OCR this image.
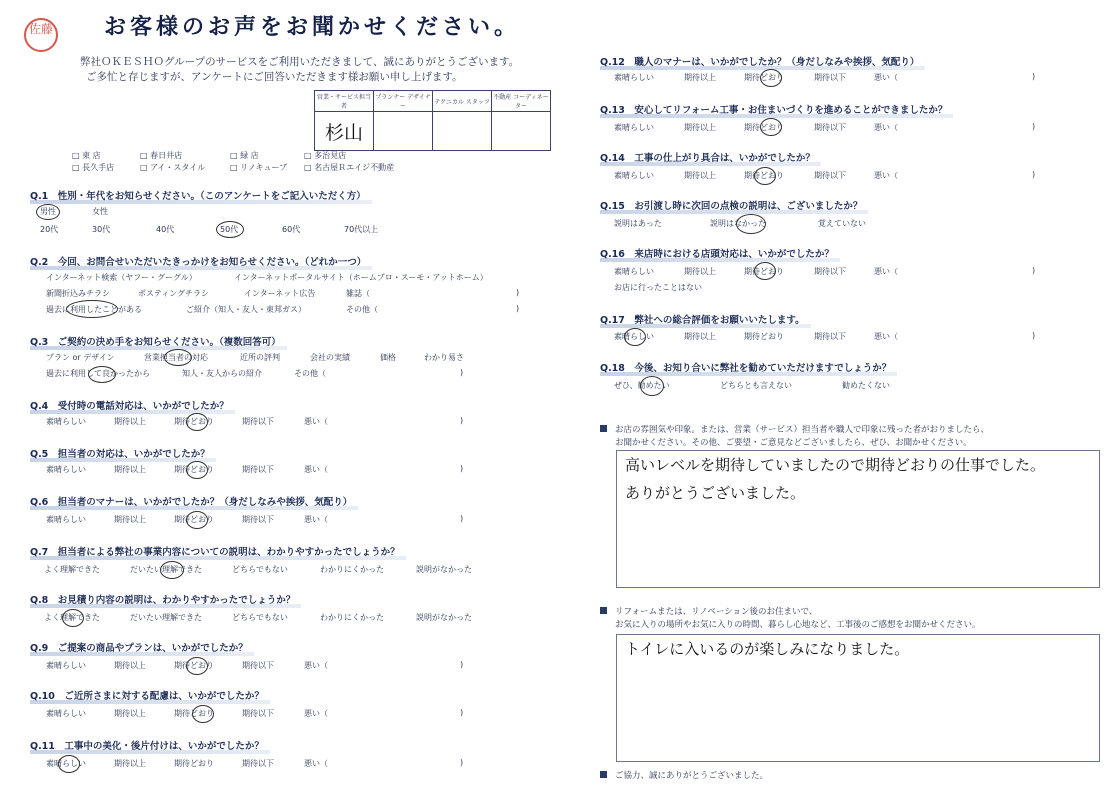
佐藤 お客様のお声をお聞かせください。
弊社ＯＫＥＳＨＯグループのサービスをご利用いただきまして、誠にありがとうございます。
ご多忙と存じますが、アンケートにご回答いただきます様お願い申し上げます。
営業・サービス担当者	プランナー デザイナー	テクニカル スタッフ	不動産 コーディネーター
杉山			
□ 東 店	□ 春日井店	□ 緑 店	□ 多治見店
□ 長久手店	□ アイ・スタイル	□ リノキューブ □ 名古屋Ｒエイジ不動産
Q.1　性別・年代をお知らせください。（このアンケートをご記入いただく方）
男性	女性
20代	30代	40代	50代	60代	70代以上
Q.2　今回、お問合せいただいたきっかけをお知らせください。（どれか一つ）
インターネット検索（ヤフー・グーグル）	インターネットポータルサイト（ホームプロ・スーモ・アットホーム）
新聞折込みチラシ	ポスティングチラシ	インターネット広告	雑誌（	)
過去に利用したことがある	ご紹介（知人・友人・東邦ガス）	その他（	)
Q.3　ご契約の決め手をお知らせください。（複数回答可）
プラン or デザイン	営業担当者の対応	近所の評判	会社の実績	価格	わかり易さ
過去に利用して良かったから	知人・友人からの紹介	その他（	)
Q.4　受付時の電話対応は、いかがでしたか？
素晴らしい	期待以上	期待どおり	期待以下	悪い（	)
Q.5　担当者の対応は、いかがでしたか？
素晴らしい	期待以上	期待どおり	期待以下	悪い（	)
Q.6　担当者のマナーは、いかがでしたか？（身だしなみや挨拶、気配り）
素晴らしい	期待以上	期待どおり	期待以下	悪い（	)
Q.7　担当者による弊社の事業内容についての説明は、わかりやすかったでしょうか？
よく理解できた	だいたい理解できた	どちらでもない	わかりにくかった	説明がなかった
Q.8　お見積り内容の説明は、わかりやすかったでしょうか？
よく理解できた	だいたい理解できた	どちらでもない	わかりにくかった	説明がなかった
Q.9　ご提案の商品やプランは、いかがでしたか？
素晴らしい	期待以上	期待どおり	期待以下	悪い（	)
Q.10　ご近所さまに対する配慮は、いかがでしたか？
素晴らしい	期待以上	期待どおり	期待以下	悪い（	)
Q.11　工事中の美化・後片付けは、いかがでしたか？
素晴らしい	期待以上	期待どおり	期待以下	悪い（	)
Q.12　職人のマナーは、いかがでしたか？（身だしなみや挨拶、気配り）
素晴らしい	期待以上	期待どおり	期待以下	悪い（	)
Q.13　安心してリフォーム工事・お住まいづくりを進めることができましたか？
素晴らしい	期待以上	期待どおり	期待以下	悪い（	)
Q.14　工事の仕上がり具合は、いかがでしたか？
素晴らしい	期待以上	期待どおり	期待以下	悪い（	)
Q.15　お引渡し時に次回の点検の説明は、ございましたか？
説明はあった	説明はなかった	覚えていない
Q.16　来店時における店頭対応は、いかがでしたか？
素晴らしい	期待以上	期待どおり	期待以下	悪い（	)
お店に行ったことはない
Q.17　弊社への総合評価をお願いいたします。
素晴らしい	期待以上	期待どおり	期待以下	悪い（	)
Q.18　今後、お知り合いに弊社を勧めていただけますでしょうか？
ぜひ、勧めたい	どちらとも言えない	勧めたくない
お店の雰囲気や印象。または、営業（サービス）担当者や職人で印象に残った者がおりましたら、
お聞かせください。その他、ご要望・ご意見などございましたら、ぜひ、お聞かせください。
高いレベルを期待していましたので期待どおりの仕事でした。
ありがとうございました。
リフォームまたは、リノベーション後のお住まいで、
お気に入りの場所やお気に入りの時間、暮らし心地など、工事後のご感想をお聞かせください。
トイレに入いるのが楽しみになりました。
ご協力、誠にありがとうございました。
